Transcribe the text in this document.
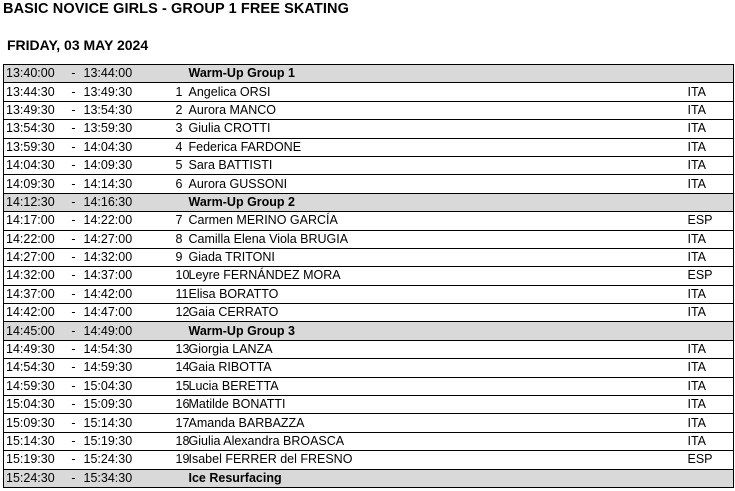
BASIC NOVICE GIRLS - GROUP 1 FREE SKATING
FRIDAY, 03 MAY 2024
13:40:00	-	13:44:00		Warm-Up Group 1	
13:44:30	-	13:49:30	1	Angelica ORSI	ITA
13:49:30	-	13:54:30	2	Aurora MANCO	ITA
13:54:30	-	13:59:30	3	Giulia CROTTI	ITA
13:59:30	-	14:04:30	4	Federica FARDONE	ITA
14:04:30	-	14:09:30	5	Sara BATTISTI	ITA
14:09:30	-	14:14:30	6	Aurora GUSSONI	ITA
14:12:30	-	14:16:30		Warm-Up Group 2	
14:17:00	-	14:22:00	7	Carmen MERINO GARCÍA	ESP
14:22:00	-	14:27:00	8	Camilla Elena Viola BRUGIA	ITA
14:27:00	-	14:32:00	9	Giada TRITONI	ITA
14:32:00	-	14:37:00	10	Leyre FERNÁNDEZ MORA	ESP
14:37:00	-	14:42:00	11	Elisa BORATTO	ITA
14:42:00	-	14:47:00	12	Gaia CERRATO	ITA
14:45:00	-	14:49:00		Warm-Up Group 3	
14:49:30	-	14:54:30	13	Giorgia LANZA	ITA
14:54:30	-	14:59:30	14	Gaia RIBOTTA	ITA
14:59:30	-	15:04:30	15	Lucia BERETTA	ITA
15:04:30	-	15:09:30	16	Matilde BONATTI	ITA
15:09:30	-	15:14:30	17	Amanda BARBAZZA	ITA
15:14:30	-	15:19:30	18	Giulia Alexandra BROASCA	ITA
15:19:30	-	15:24:30	19	Isabel FERRER del FRESNO	ESP
15:24:30	-	15:34:30		Ice Resurfacing	
